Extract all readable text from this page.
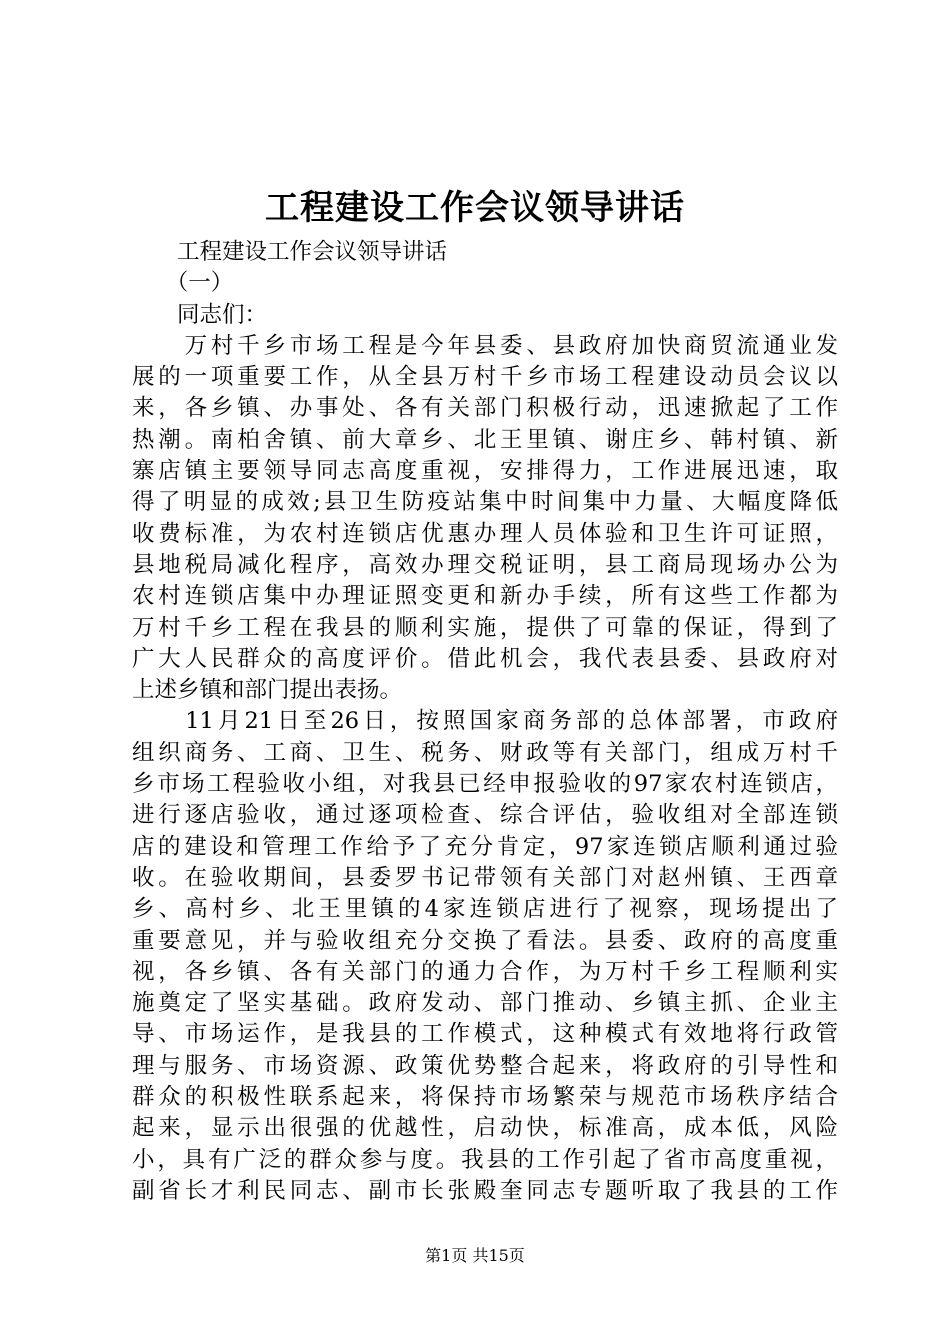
工程建设工作会议领导讲话
　　工程建设工作会议领导讲话
　　（一）
　　同志们：
　　万村千乡市场工程是今年县委、县政府加快商贸流通业发
展的一项重要工作，从全县万村千乡市场工程建设动员会议以
来，各乡镇、办事处、各有关部门积极行动，迅速掀起了工作
热潮。南柏舍镇、前大章乡、北王里镇、谢庄乡、韩村镇、新
寨店镇主要领导同志高度重视，安排得力，工作进展迅速，取
得了明显的成效;县卫生防疫站集中时间集中力量、大幅度降低
收费标准，为农村连锁店优惠办理人员体验和卫生许可证照，
县地税局减化程序，高效办理交税证明，县工商局现场办公为
农村连锁店集中办理证照变更和新办手续，所有这些工作都为
万村千乡工程在我县的顺利实施，提供了可靠的保证，得到了
广大人民群众的高度评价。借此机会，我代表县委、县政府对
上述乡镇和部门提出表扬。
　　11月21日至26日，按照国家商务部的总体部署，市政府
组织商务、工商、卫生、税务、财政等有关部门，组成万村千
乡市场工程验收小组，对我县已经申报验收的97家农村连锁店，
进行逐店验收，通过逐项检查、综合评估，验收组对全部连锁
店的建设和管理工作给予了充分肯定，97家连锁店顺利通过验
收。在验收期间，县委罗书记带领有关部门对赵州镇、王西章
乡、高村乡、北王里镇的4家连锁店进行了视察，现场提出了
重要意见，并与验收组充分交换了看法。县委、政府的高度重
视，各乡镇、各有关部门的通力合作，为万村千乡工程顺利实
施奠定了坚实基础。政府发动、部门推动、乡镇主抓、企业主
导、市场运作，是我县的工作模式，这种模式有效地将行政管
理与服务、市场资源、政策优势整合起来，将政府的引导性和
群众的积极性联系起来，将保持市场繁荣与规范市场秩序结合
起来，显示出很强的优越性，启动快，标准高，成本低，风险
小，具有广泛的群众参与度。我县的工作引起了省市高度重视，
副省长才利民同志、副市长张殿奎同志专题听取了我县的工作
第1页 共15页
